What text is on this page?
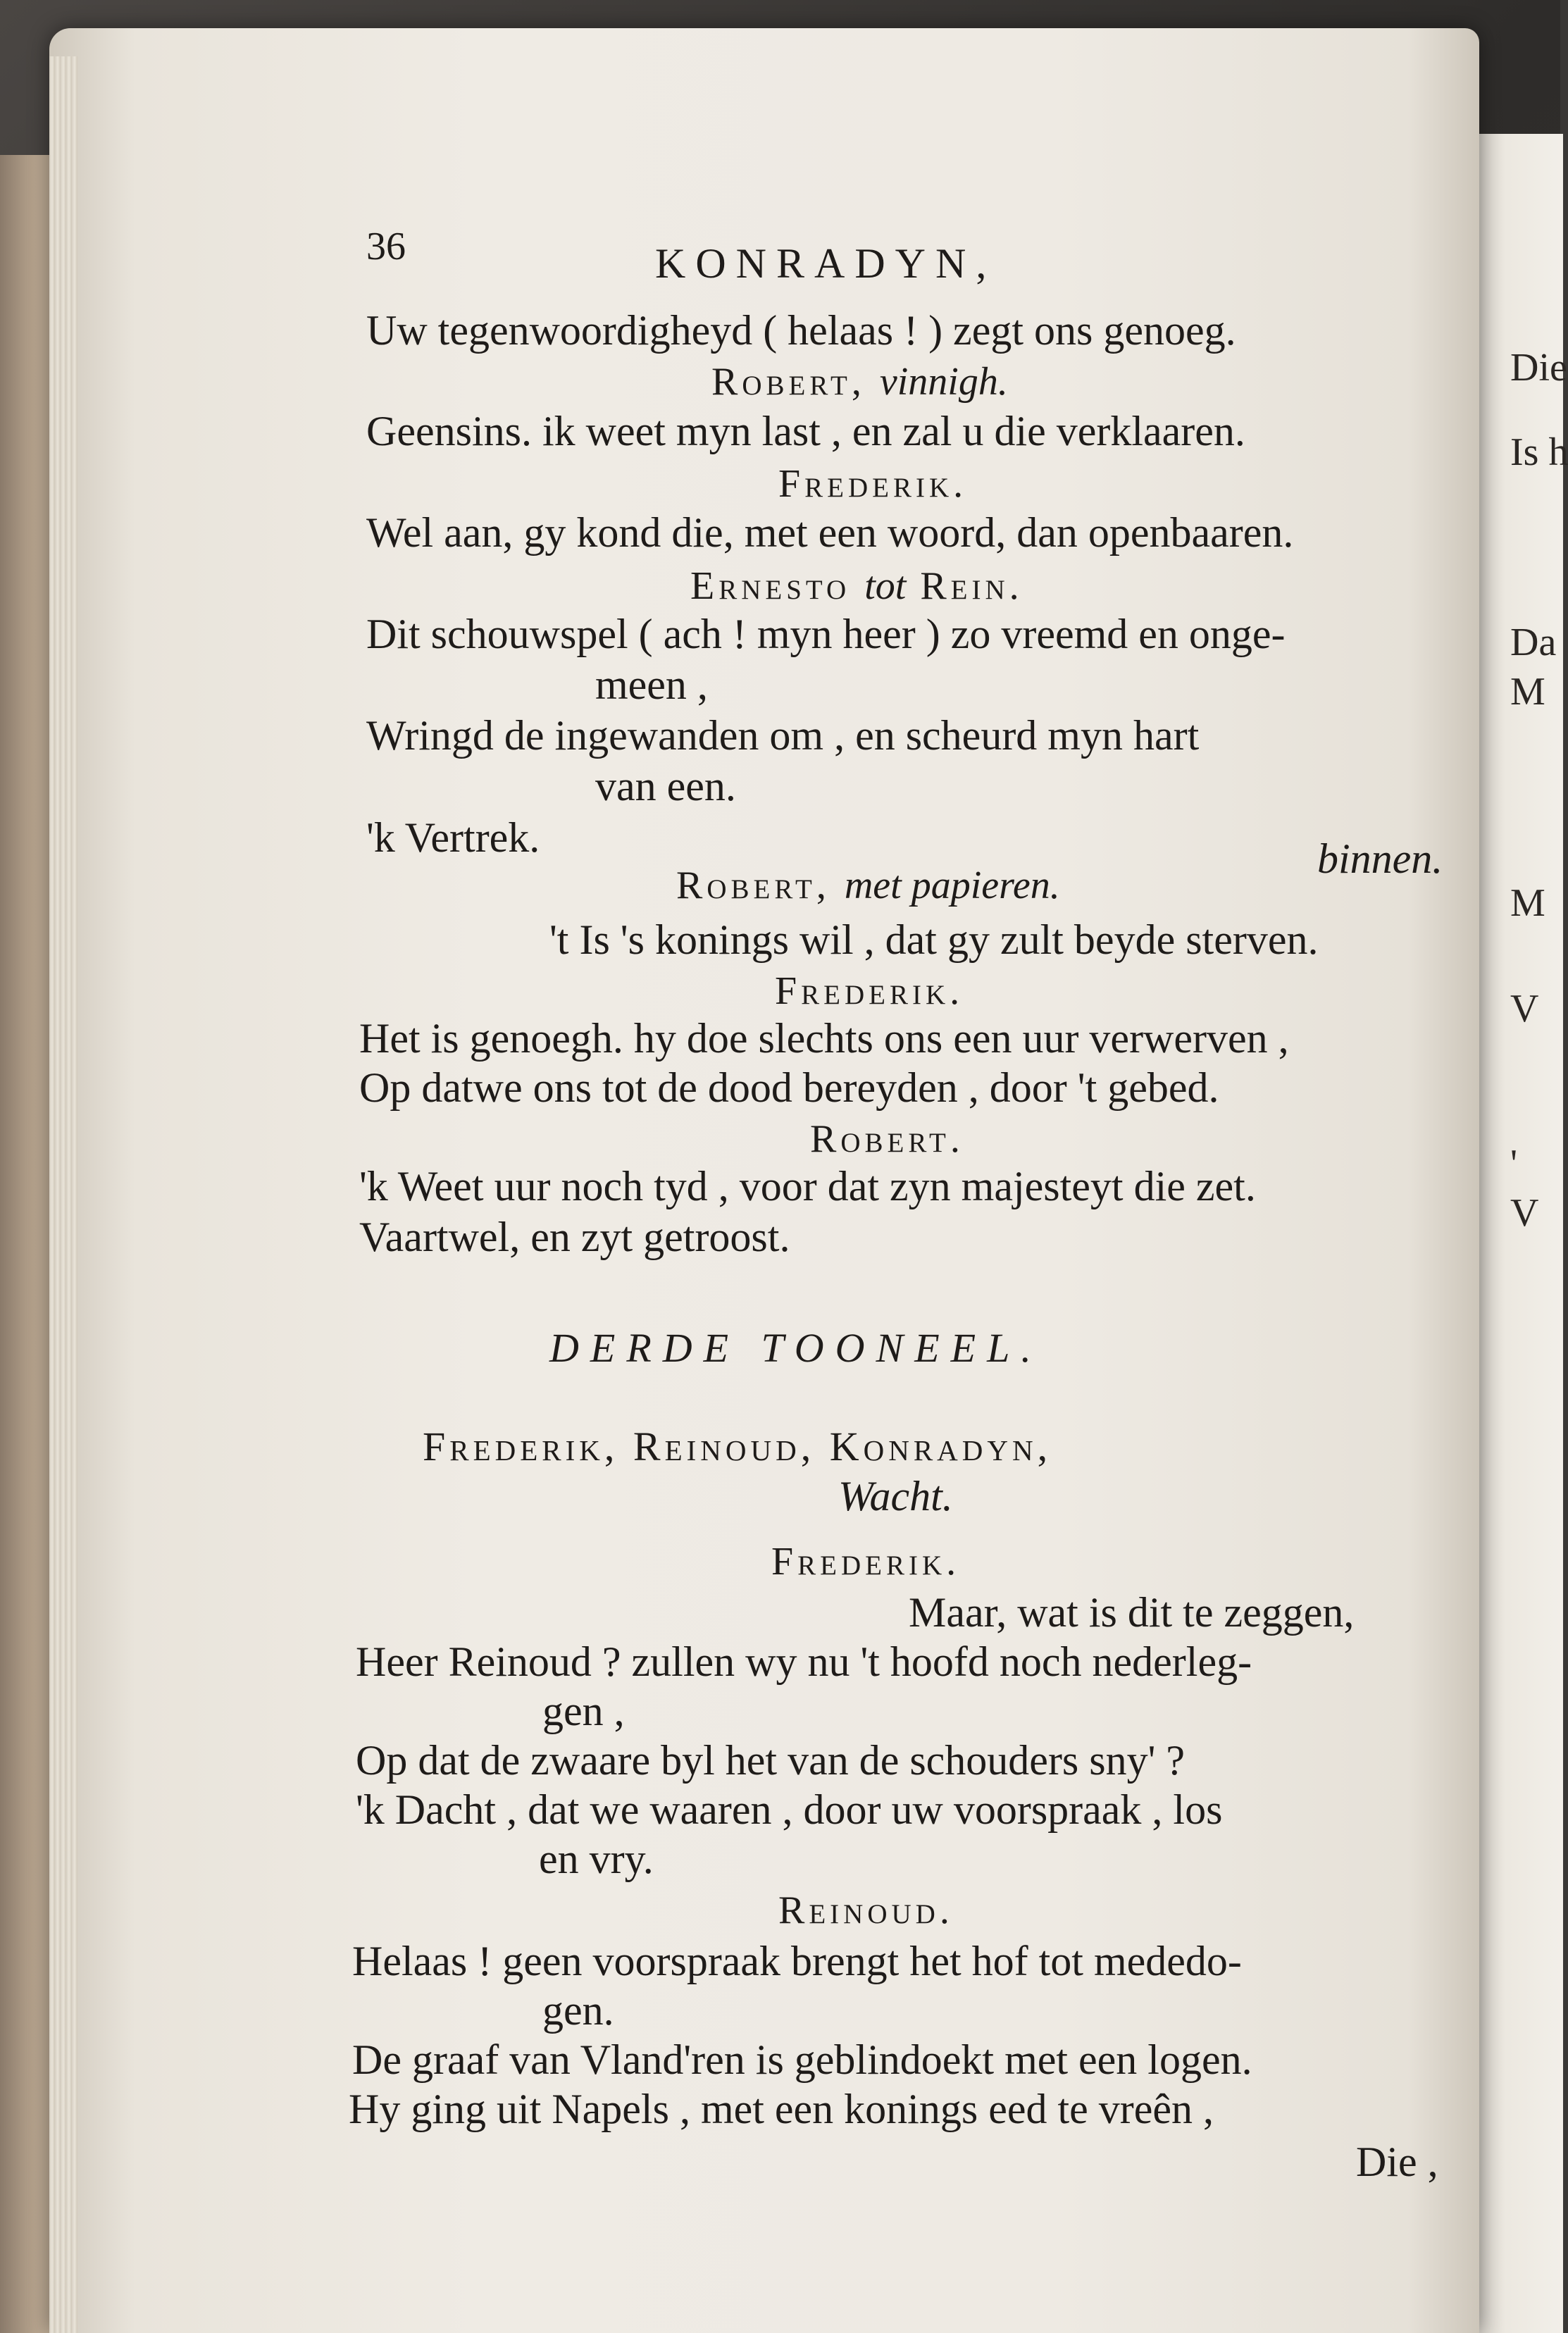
Die
Is h
Da
M
M
V
'
V
36	KONRADYN,
Uw tegenwoordigheyd ( helaas ! ) zegt ons genoeg.
Robert, vinnigh.
Geensins. ik weet myn last , en zal u die verklaaren.
Frederik.
Wel aan, gy kond die, met een woord, dan openbaaren.
Ernesto tot Rein.
Dit schouwspel ( ach ! myn heer ) zo vreemd en onge-
meen ,
Wringd de ingewanden om , en scheurd myn hart
van een.
'k Vertrek.	binnen.
Robert, met papieren.
't Is 's konings wil , dat gy zult beyde sterven.
Frederik.
Het is genoegh. hy doe slechts ons een uur verwerven ,
Op datwe ons tot de dood bereyden , door 't gebed.
Robert.
'k Weet uur noch tyd , voor dat zyn majesteyt die zet.
Vaartwel, en zyt getroost.
DERDE TOONEEL.
Frederik, Reinoud, Konradyn,
Wacht.
Frederik.
Maar, wat is dit te zeggen,
Heer Reinoud ? zullen wy nu 't hoofd noch nederleg-
gen ,
Op dat de zwaare byl het van de schouders sny' ?
'k Dacht , dat we waaren , door uw voorspraak , los
en vry.
Reinoud.
Helaas ! geen voorspraak brengt het hof tot mededo-
gen.
De graaf van Vland'ren is geblindoekt met een logen.
Hy ging uit Napels , met een konings eed te vreên ,
Die ,
